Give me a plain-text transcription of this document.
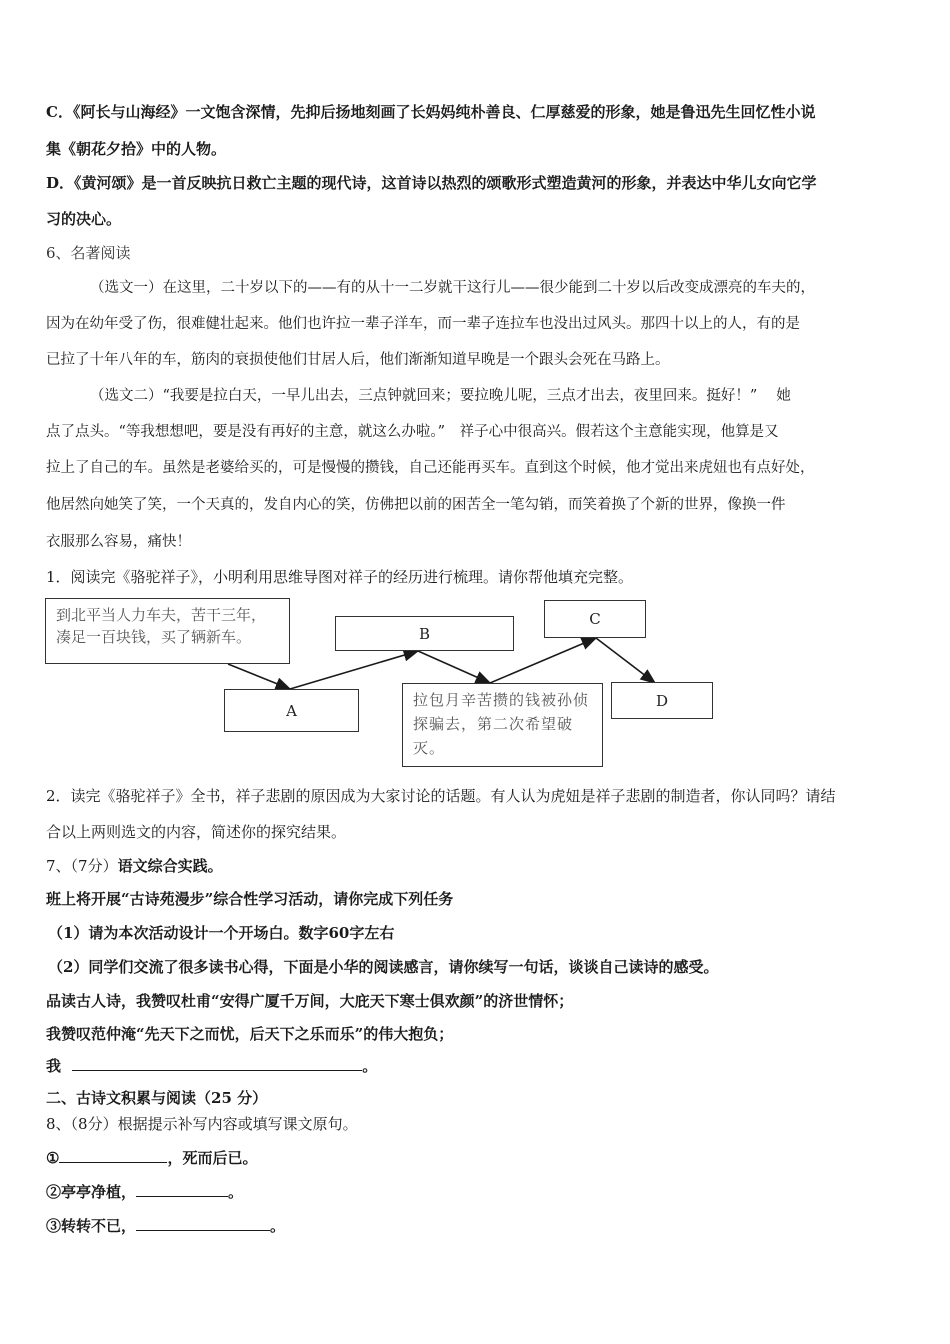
C．《阿长与山海经》一文饱含深情，先抑后扬地刻画了长妈妈纯朴善良、仁厚慈爱的形象，她是鲁迅先生回忆性小说
集《朝花夕拾》中的人物。
D．《黄河颂》是一首反映抗日救亡主题的现代诗，这首诗以热烈的颂歌形式塑造黄河的形象，并表达中华儿女向它学
习的决心。
6、名著阅读
（选文一）在这里，二十岁以下的——有的从十一二岁就干这行儿——很少能到二十岁以后改变成漂亮的车夫的，
因为在幼年受了伤，很难健壮起来。他们也许拉一辈子洋车，而一辈子连拉车也没出过风头。那四十以上的人，有的是
已拉了十年八年的车，筋肉的衰损使他们甘居人后，他们渐渐知道早晚是一个跟头会死在马路上。
（选文二）“我要是拉白天，一早儿出去，三点钟就回来；要拉晚儿呢，三点才出去，夜里回来。挺好！”　 她
点了点头。“等我想想吧，要是没有再好的主意，就这么办啦。”　祥子心中很高兴。假若这个主意能实现，他算是又
拉上了自己的车。虽然是老婆给买的，可是慢慢的攒钱，自己还能再买车。直到这个时候，他才觉出来虎妞也有点好处，
他居然向她笑了笑，一个天真的，发自内心的笑，仿佛把以前的困苦全一笔勾销，而笑着换了个新的世界，像换一件
衣服那么容易，痛快！
1．阅读完《骆驼祥子》，小明利用思维导图对祥子的经历进行梳理。请你帮他填充完整。
到北平当人力车夫，苦干三年，凑足一百块钱，买了辆新车。
A
B
C
D
拉包月辛苦攒的钱被孙侦探骗去，第二次希望破灭。
2．读完《骆驼祥子》全书，祥子悲剧的原因成为大家讨论的话题。有人认为虎妞是祥子悲剧的制造者，你认同吗？请结
合以上两则选文的内容，简述你的探究结果。
7、（7分）语文综合实践。
班上将开展“古诗苑漫步”综合性学习活动，请你完成下列任务
（1）请为本次活动设计一个开场白。数字60字左右
（2）同学们交流了很多读书心得，下面是小华的阅读感言，请你续写一句话，谈谈自己读诗的感受。
品读古人诗，我赞叹杜甫“安得广厦千万间，大庇天下寒士俱欢颜”的济世情怀；
我赞叹范仲淹“先天下之而忧，后天下之乐而乐”的伟大抱负；
我	。
二、古诗文积累与阅读（25 分）
8、（8分）根据提示补写内容或填写课文原句。
①	，死而后已。
②亭亭净植，	。
③转转不已，	。
